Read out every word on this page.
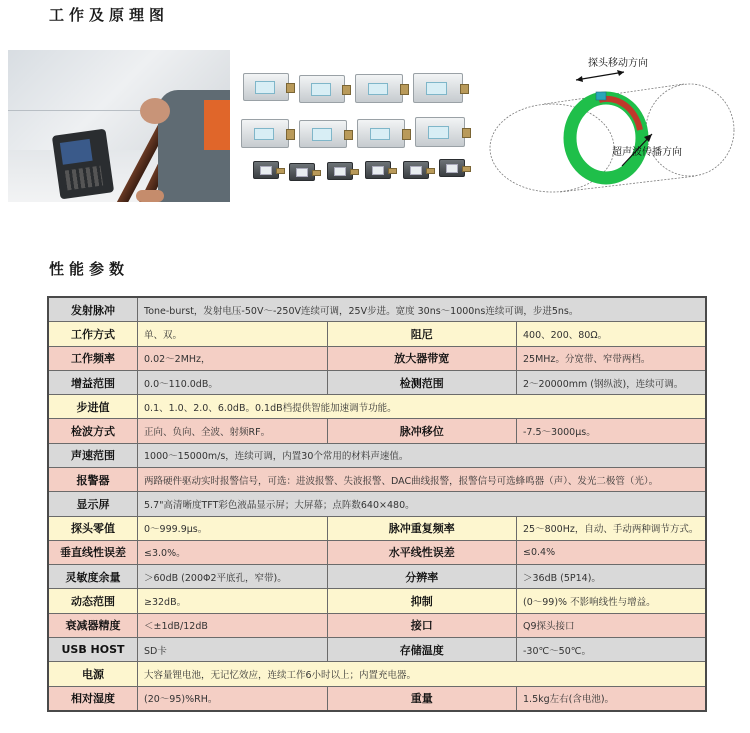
工作及原理图
探头移动方向
超声波传播方向
性能参数
发射脉冲	Tone-burst，发射电压-50V～-250V连续可调，25V步进。宽度 30ns～1000ns连续可调，步进5ns。		
工作方式	单、双。	阻尼	400、200、80Ω。
工作频率	0.02～2MHz，	放大器带宽	25MHz。分宽带、窄带两档。
增益范围	0.0～110.0dB。	检测范围	2～20000mm (钢纵波)，连续可调。
步进值	0.1、1.0、2.0、6.0dB。0.1dB档提供智能加速调节功能。		
检波方式	正向、负向、全波、射频RF。	脉冲移位	-7.5～3000μs。
声速范围	1000～15000m/s，连续可调，内置30个常用的材料声速值。		
报警器	两路硬件驱动实时报警信号，可选：进波报警、失波报警、DAC曲线报警，报警信号可选蜂鸣器（声）、发光二极管（光）。		
显示屏	5.7"高清晰度TFT彩色液晶显示屏；大屏幕；点阵数640×480。		
探头零值	0～999.9μs。	脉冲重复频率	25～800Hz，自动、手动两种调节方式。
垂直线性误差	≤3.0%。	水平线性误差	≤0.4%
灵敏度余量	＞60dB (200Φ2平底孔，窄带)。	分辨率	＞36dB (5P14)。
动态范围	≥32dB。	抑制	(0～99)% 不影响线性与增益。
衰减器精度	＜±1dB/12dB	接口	Q9探头接口
USB HOST	SD卡	存储温度	-30℃～50℃。
电源	大容量锂电池，无记忆效应，连续工作6小时以上；内置充电器。		
相对湿度	(20～95)%RH。	重量	1.5kg左右(含电池)。
